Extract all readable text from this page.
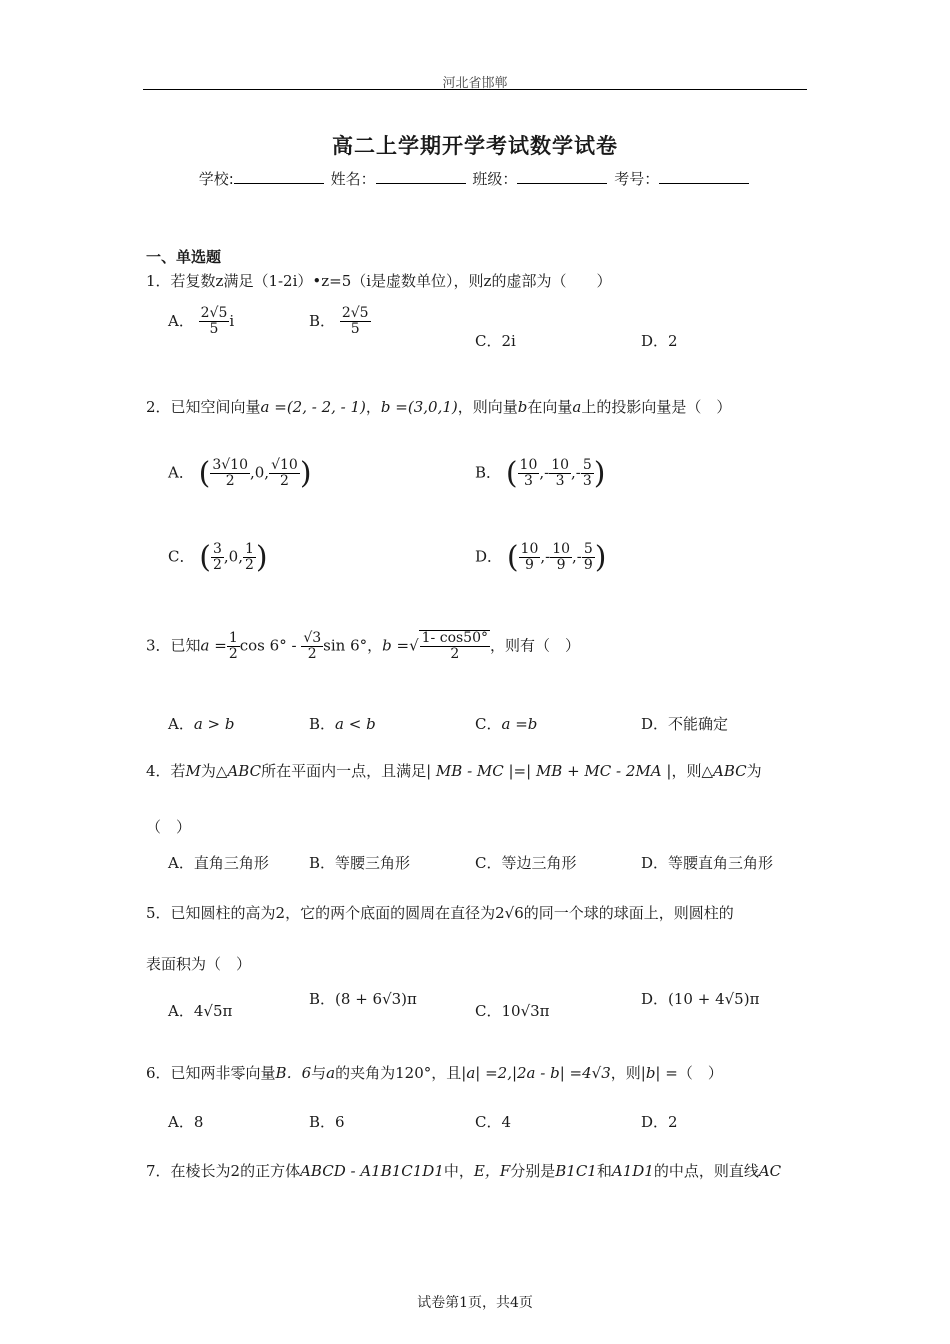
河北省邯郸
高二上学期开学考试数学试卷
学校:	姓名：	班级：	考号：
一、单选题
1．若复数z满足（1-2i）•z=5（i是虚数单位），则z的虚部为（　　）
A． $\frac{2√5}{5}$ i	B． $\frac{2√5}{5}$
C．2i	D．2
2．已知空间向量a =(2, - 2, - 1)，b =(3,0,1)，则向量b在向量a上的投影向量是（　）
A． ( $\frac{3√10}{2} ,0$, $\frac{√10}{2}$ )	B． ( $\frac{10}{3}$ ,- $\frac{10}{3}$ ,- $\frac{5}{3}$ )
C． ( $\frac{3}{2} ,0$, $\frac{1}{2}$ )	D． ( $\frac{10}{9}$ ,- $\frac{10}{9}$ ,- $\frac{5}{9}$ )
3．已知$a = \frac{1}{2}$ $\cos 6^\circ - \frac{√3}{2}$ sin 6°，b =√ $\frac{1- \cos 50^\circ}{2}$ ，则有（　）
A．a > b	B．a < b	C．a =b	D．不能确定
4．若M为△ABC所在平面内一点，且满足| MB - MC |=| MB + MC - 2MA |，则△ABC为
（　）
A．直角三角形	B．等腰三角形	C．等边三角形	D．等腰直角三角形
5．已知圆柱的高为2，它的两个底面的圆周在直径为2√6的同一个球的球面上，则圆柱的
表面积为（　）
A．4√5π
B．(8 + 6√3)π
C．10√3π
D．(10 + 4√5)π
6．已知两非零向量B．6与a的夹角为120°，且|a| =2,|2a - b| =4√3，则|b| =（　）
A．8	B．6	C．4	D．2
7．在棱长为2的正方体ABCD - A1B1C1D1中，E，F分别是B1C1和A1D1的中点，则直线AC
试卷第1页，共4页
